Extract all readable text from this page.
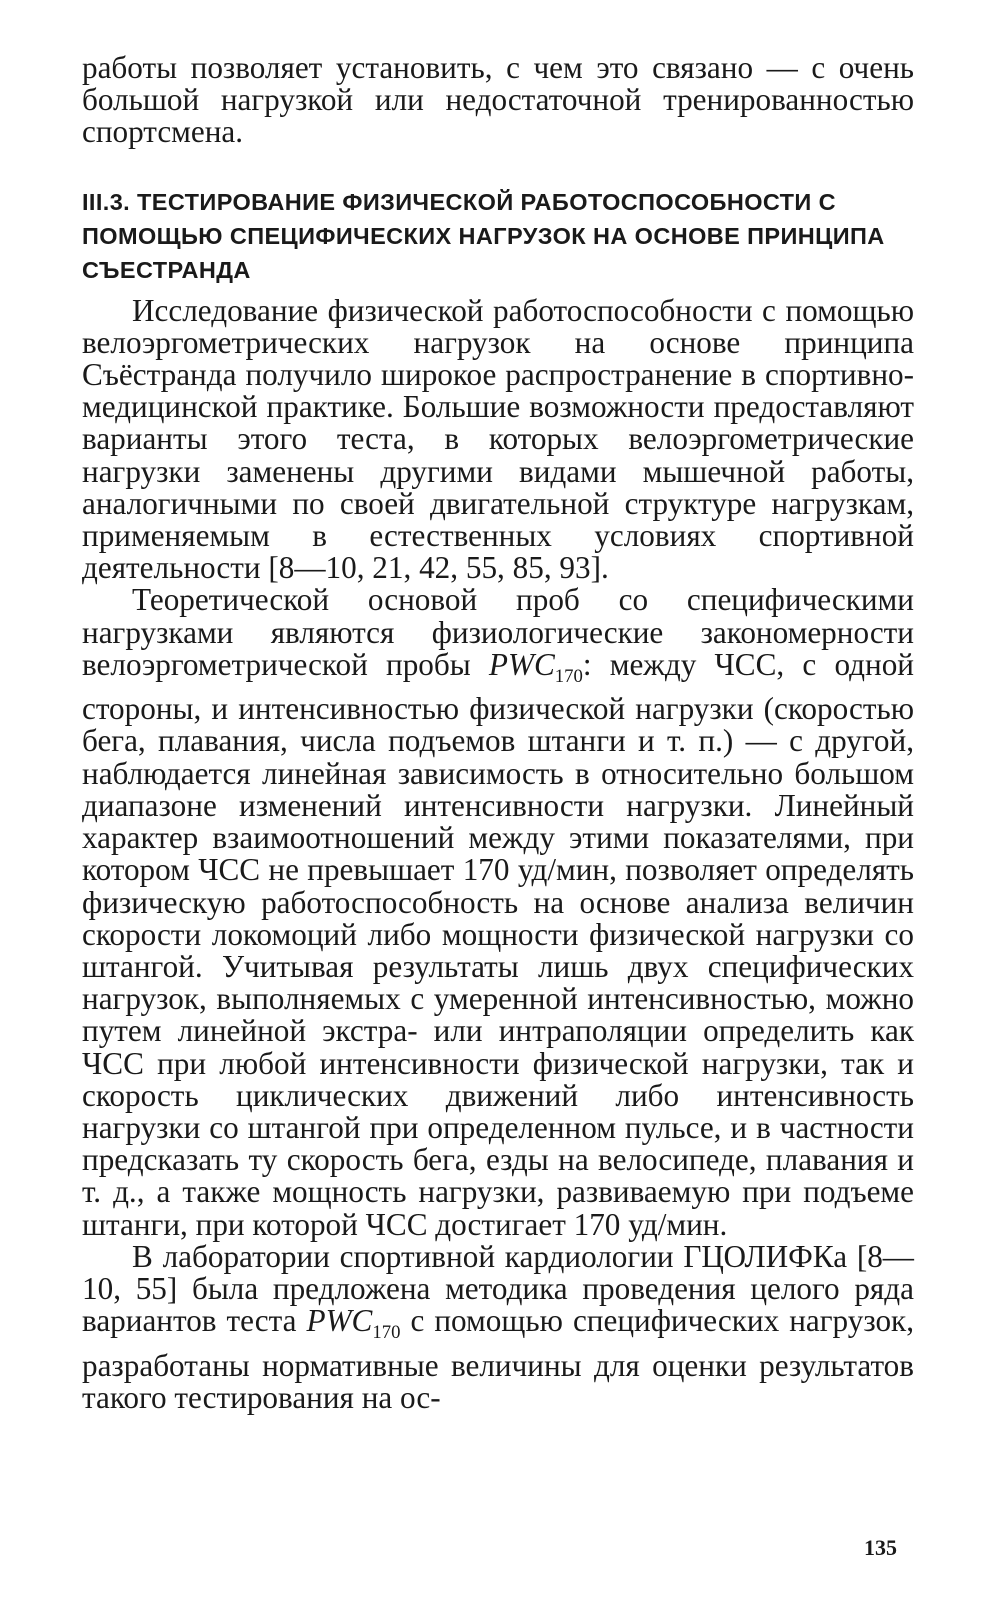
работы позволяет установить, с чем это связано — с очень большой нагрузкой или недостаточной тренированностью спортсмена.

III.3. ТЕСТИРОВАНИЕ ФИЗИЧЕСКОЙ РАБОТОСПОСОБНОСТИ С ПОМОЩЬЮ СПЕЦИФИЧЕСКИХ НАГРУЗОК НА ОСНОВЕ ПРИНЦИПА СЪЕСТРАНДА

Исследование физической работоспособности с помощью велоэргометрических нагрузок на основе принципа Съёстранда получило широкое распространение в спортивно-медицинской практике. Большие возможности предоставляют варианты этого теста, в которых велоэргометрические нагрузки заменены другими видами мышечной работы, аналогичными по своей двигательной структуре нагрузкам, применяемым в естественных условиях спортивной деятельности [8—10, 21, 42, 55, 85, 93].

Теоретической основой проб со специфическими нагрузками являются физиологические закономерности велоэргометрической пробы $PWC_{170}$: между ЧСС, с одной стороны, и интенсивностью физической нагрузки (скоростью бега, плавания, числа подъемов штанги и т. п.) — с другой, наблюдается линейная зависимость в относительно большом диапазоне изменений интенсивности нагрузки. Линейный характер взаимоотношений между этими показателями, при котором ЧСС не превышает 170 уд/мин, позволяет определять физическую работоспособность на основе анализа величин скорости локомоций либо мощности физической нагрузки со штангой. Учитывая результаты лишь двух специфических нагрузок, выполняемых с умеренной интенсивностью, можно путем линейной экстра- или интраполяции определить как ЧСС при любой интенсивности физической нагрузки, так и скорость циклических движений либо интенсивность нагрузки со штангой при определенном пульсе, и в частности предсказать ту скорость бега, езды на велосипеде, плавания и т. д., а также мощность нагрузки, развиваемую при подъеме штанги, при которой ЧСС достигает 170 уд/мин.

В лаборатории спортивной кардиологии ГЦОЛИФКа [8—10, 55] была предложена методика проведения целого ряда вариантов теста $PWC_{170}$ с помощью специфических нагрузок, разработаны нормативные величины для оценки результатов такого тестирования на ос-

135
